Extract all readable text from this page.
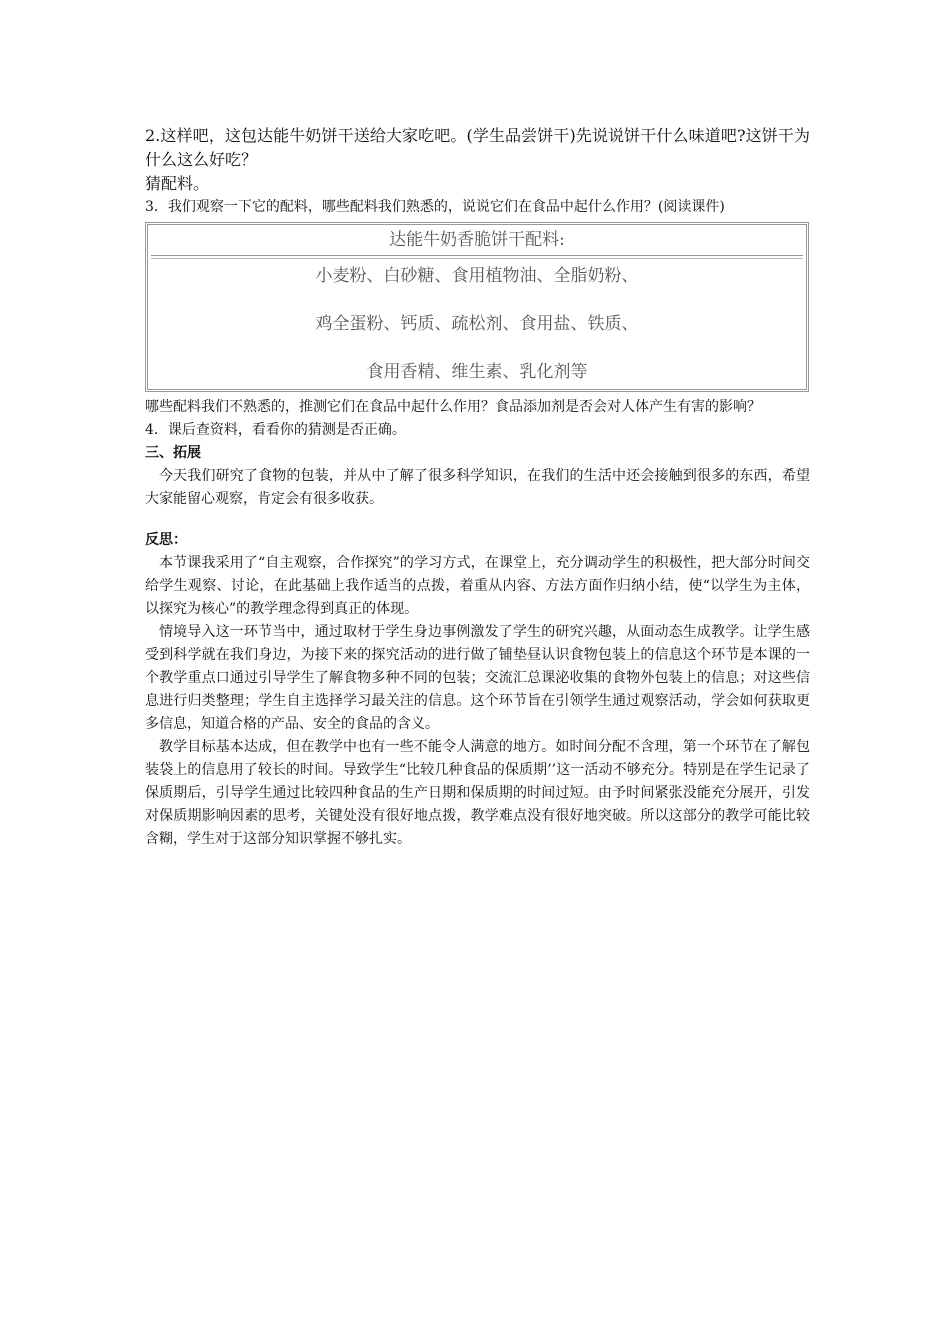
2.这样吧，这包达能牛奶饼干送给大家吃吧。(学生品尝饼干)先说说饼干什么味道吧?这饼干为什么这么好吃？

猜配料。

3．我们观察一下它的配料，哪些配料我们熟悉的，说说它们在食品中起什么作用？(阅读课件)

达能牛奶香脆饼干配料:
小麦粉、白砂糖、食用植物油、全脂奶粉、
鸡全蛋粉、钙质、疏松剂、食用盐、铁质、
食用香精、维生素、乳化剂等

哪些配料我们不熟悉的，推测它们在食品中起什么作用？食品添加剂是否会对人体产生有害的影响？

4．课后查资料，看看你的猜测是否正确。

三、拓展

今天我们研究了食物的包装，并从中了解了很多科学知识，在我们的生活中还会接触到很多的东西，希望大家能留心观察，肯定会有很多收获。

反思：

本节课我采用了“自主观察，合作探究”的学习方式，在课堂上，充分调动学生的积极性，把大部分时间交给学生观察、讨论，在此基础上我作适当的点拨，着重从内容、方法方面作归纳小结，使“以学生为主体，以探究为核心”的教学理念得到真正的体现。

情境导入这一环节当中，通过取材于学生身边事例激发了学生的研究兴趣，从面动态生成教学。让学生感受到科学就在我们身边，为接下来的探究活动的进行做了铺垫昼认识食物包装上的信息这个环节是本课的一个教学重点口通过引导学生了解食物多种不同的包装；交流汇总课泌收集的食物外包装上的信息；对这些信息进行归类整理；学生自主选择学习最关注的信息。这个环节旨在引领学生通过观察活动，学会如何获取更多信息，知道合格的产品、安全的食品的含义。

教学目标基本达成，但在教学中也有一些不能令人满意的地方。如时间分配不含理，第一个环节在了解包装袋上的信息用了较长的时间。导致学生“比较几种食品的保质期’’这一活动不够充分。特别是在学生记录了保质期后，引导学生通过比较四种食品的生产日期和保质期的时间过短。由予时间紧张没能充分展开，引发对保质期影响因素的思考，关键处没有很好地点拨，教学难点没有很好地突破。所以这部分的教学可能比较含糊，学生对于这部分知识掌握不够扎实。
